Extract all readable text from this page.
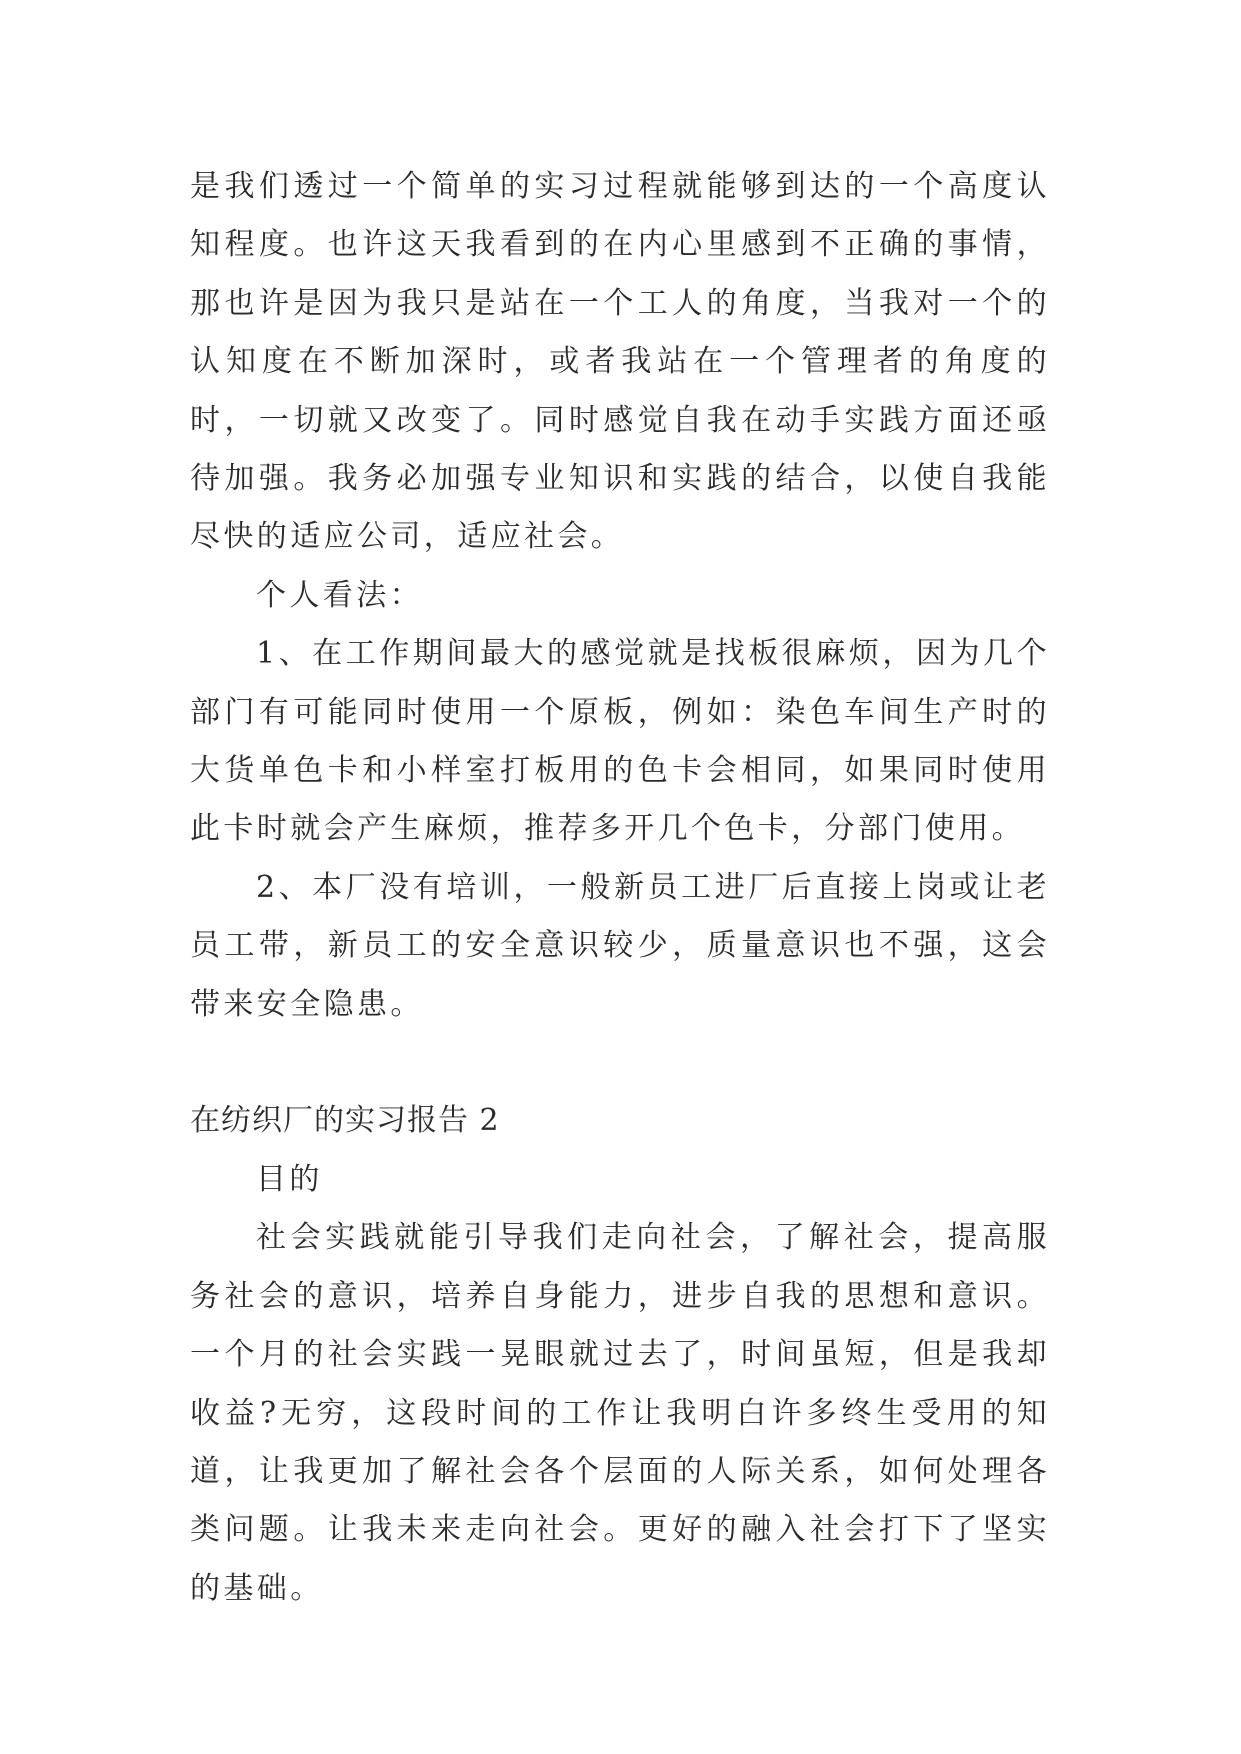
是我们透过一个简单的实习过程就能够到达的一个高度认知程度。也许这天我看到的在内心里感到不正确的事情，那也许是因为我只是站在一个工人的角度，当我对一个的认知度在不断加深时，或者我站在一个管理者的角度的时，一切就又改变了。同时感觉自我在动手实践方面还亟待加强。我务必加强专业知识和实践的结合，以使自我能尽快的适应公司，适应社会。

个人看法：

1、在工作期间最大的感觉就是找板很麻烦，因为几个部门有可能同时使用一个原板，例如：染色车间生产时的大货单色卡和小样室打板用的色卡会相同，如果同时使用此卡时就会产生麻烦，推荐多开几个色卡，分部门使用。

2、本厂没有培训，一般新员工进厂后直接上岗或让老员工带，新员工的安全意识较少，质量意识也不强，这会带来安全隐患。

在纺织厂的实习报告 2

目的

社会实践就能引导我们走向社会，了解社会，提高服务社会的意识，培养自身能力，进步自我的思想和意识。一个月的社会实践一晃眼就过去了，时间虽短，但是我却收益?无穷，这段时间的工作让我明白许多终生受用的知道，让我更加了解社会各个层面的人际关系，如何处理各类问题。让我未来走向社会。更好的融入社会打下了坚实的基础。
